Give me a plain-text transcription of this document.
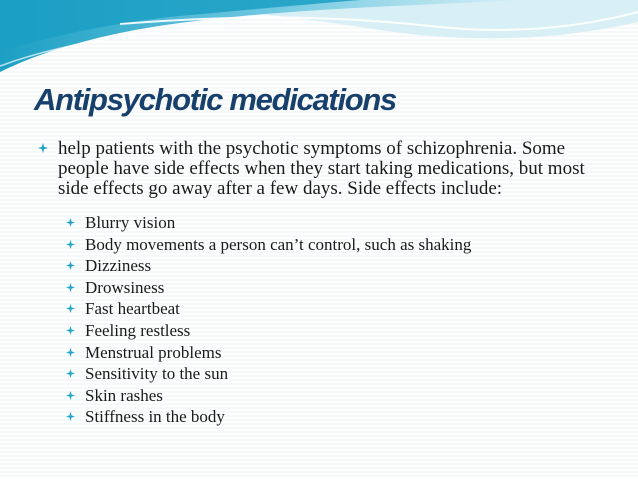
Antipsychotic medications
help patients with the psychotic symptoms of schizophrenia. Some people have side effects when they start taking medications, but most side effects go away after a few days. Side effects include:
Blurry vision
Body movements a person can’t control, such as shaking
Dizziness
Drowsiness
Fast heartbeat
Feeling restless
Menstrual problems
Sensitivity to the sun
Skin rashes
Stiffness in the body
